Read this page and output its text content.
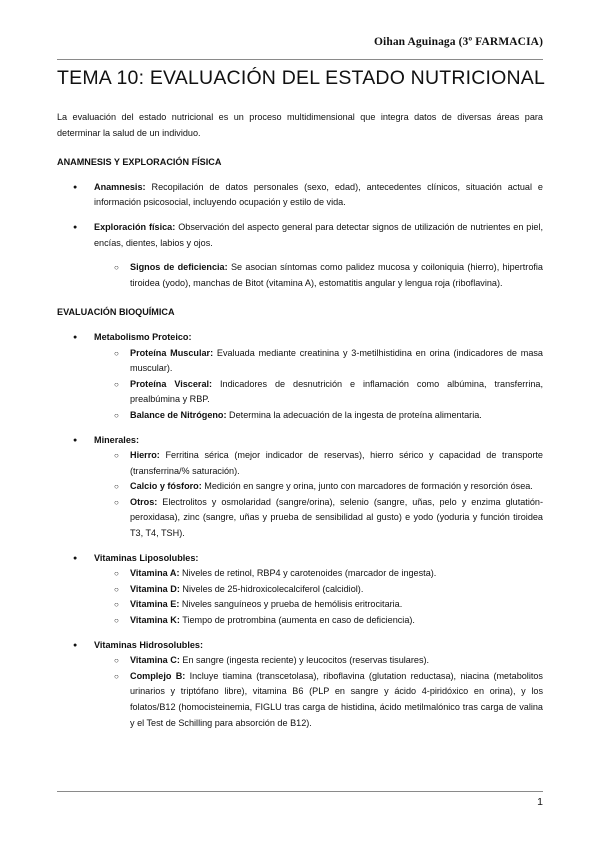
Oihan Aguinaga (3º FARMACIA)
TEMA 10: EVALUACIÓN DEL ESTADO NUTRICIONAL

La evaluación del estado nutricional es un proceso multidimensional que integra datos de diversas áreas para determinar la salud de un individuo.

ANAMNESIS Y EXPLORACIÓN FÍSICA

● Anamnesis: Recopilación de datos personales (sexo, edad), antecedentes clínicos, situación actual e información psicosocial, incluyendo ocupación y estilo de vida.
● Exploración física: Observación del aspecto general para detectar signos de utilización de nutrientes en piel, encías, dientes, labios y ojos.
○ Signos de deficiencia: Se asocian síntomas como palidez mucosa y coiloniquia (hierro), hipertrofia tiroidea (yodo), manchas de Bitot (vitamina A), estomatitis angular y lengua roja (riboflavina).

EVALUACIÓN BIOQUÍMICA

● Metabolismo Proteico:
○ Proteína Muscular: Evaluada mediante creatinina y 3-metilhistidina en orina (indicadores de masa muscular).
○ Proteína Visceral: Indicadores de desnutrición e inflamación como albúmina, transferrina, prealbúmina y RBP.
○ Balance de Nitrógeno: Determina la adecuación de la ingesta de proteína alimentaria.
● Minerales:
○ Hierro: Ferritina sérica (mejor indicador de reservas), hierro sérico y capacidad de transporte (transferrina/% saturación).
○ Calcio y fósforo: Medición en sangre y orina, junto con marcadores de formación y resorción ósea.
○ Otros: Electrolitos y osmolaridad (sangre/orina), selenio (sangre, uñas, pelo y enzima glutatión-peroxidasa), zinc (sangre, uñas y prueba de sensibilidad al gusto) e yodo (yoduria y función tiroidea T3, T4, TSH).
● Vitaminas Liposolubles:
○ Vitamina A: Niveles de retinol, RBP4 y carotenoides (marcador de ingesta).
○ Vitamina D: Niveles de 25-hidroxicolecalciferol (calcidiol).
○ Vitamina E: Niveles sanguíneos y prueba de hemólisis eritrocitaria.
○ Vitamina K: Tiempo de protrombina (aumenta en caso de deficiencia).
● Vitaminas Hidrosolubles:
○ Vitamina C: En sangre (ingesta reciente) y leucocitos (reservas tisulares).
○ Complejo B: Incluye tiamina (transcetolasa), riboflavina (glutation reductasa), niacina (metabolitos urinarios y triptófano libre), vitamina B6 (PLP en sangre y ácido 4-piridóxico en orina), y los folatos/B12 (homocisteinemia, FIGLU tras carga de histidina, ácido metilmalónico tras carga de valina y el Test de Schilling para absorción de B12).
1
